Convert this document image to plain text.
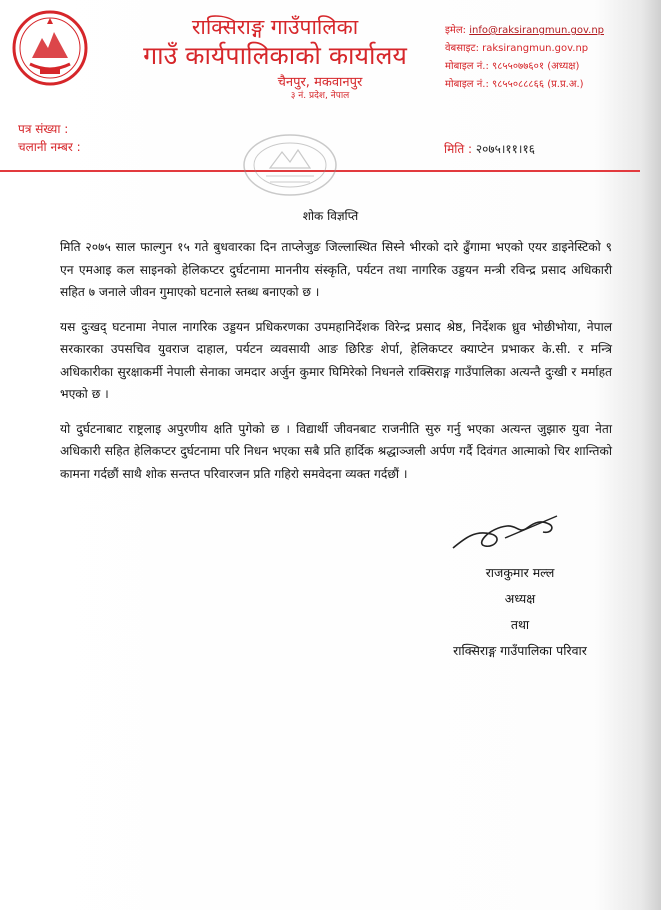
राक्सिराङ्ग गाउँपालिका
गाउँ कार्यपालिकाको कार्यालय
चैनपुर, मकवानपुर
३ नं. प्रदेश, नेपाल
इमेल: info@raksirangmun.gov.np
वेबसाइट: raksirangmun.gov.np
मोबाइल नं.: ९८५५०७७६०१ (अध्यक्ष)
मोबाइल नं.: ९८५५०८८८६६ (प्र.प्र.अ.)
पत्र संख्या :
चलानी नम्बर :	मिति : २०७५।११।१६
शोक विज्ञप्ति

मिति २०७५ साल फाल्गुन १५ गते बुधवारका दिन ताप्लेजुङ जिल्लास्थित सिस्ने भीरको दारे ढुँगामा भएको एयर डाइनेस्टिको ९ एन एमआइ कल साइनको हेलिकप्टर दुर्घटनामा माननीय संस्कृति, पर्यटन तथा नागरिक उड्डयन मन्त्री रविन्द्र प्रसाद अधिकारी सहित ७ जनाले जीवन गुमाएको घटनाले स्तब्ध बनाएको छ ।

यस दुःखद् घटनामा नेपाल नागरिक उड्डयन प्रधिकरणका उपमहानिर्देशक विरेन्द्र प्रसाद श्रेष्ठ, निर्देशक ध्रुव भोछीभोया, नेपाल सरकारका उपसचिव युवराज दाहाल, पर्यटन व्यवसायी आङ छिरिङ शेर्पा, हेलिकप्टर क्याप्टेन प्रभाकर के.सी. र मन्त्रि अधिकारीका सुरक्षाकर्मी नेपाली सेनाका जमदार अर्जुन कुमार घिमिरेको निधनले राक्सिराङ्ग गाउँपालिका अत्यन्तै दुःखी र मर्माहत भएको छ ।

यो दुर्घटनाबाट राष्ट्रलाइ अपुरणीय क्षति पुगेको छ । विद्यार्थी जीवनबाट राजनीति सुरु गर्नु भएका अत्यन्त जुझारु युवा नेता अधिकारी सहित हेलिकप्टर दुर्घटनामा परि निधन भएका सबै प्रति हार्दिक श्रद्धाञ्जली अर्पण गर्दै दिवंगत आत्माको चिर शान्तिको कामना गर्दछौं साथै शोक सन्तप्त परिवारजन प्रति गहिरो समवेदना व्यक्त गर्दछौं ।

राजकुमार मल्ल
अध्यक्ष
तथा
राक्सिराङ्ग गाउँपालिका परिवार
